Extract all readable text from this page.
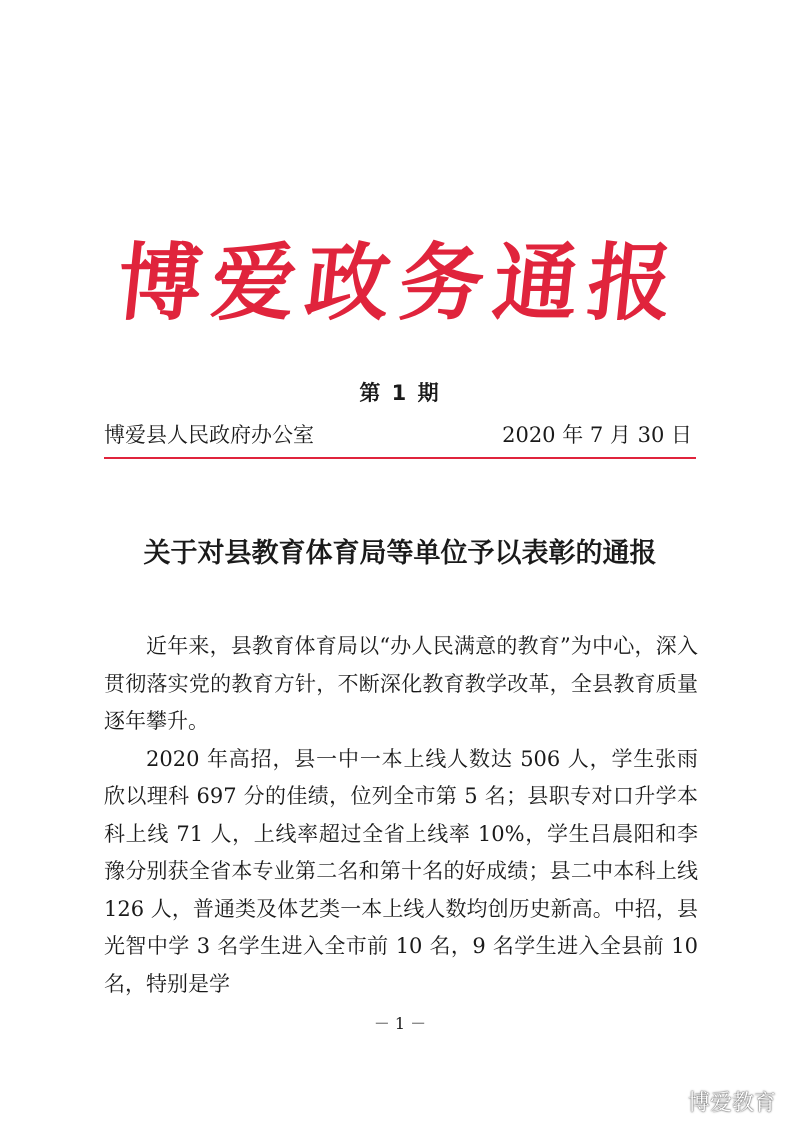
博爱政务通报
第 1 期
博爱县人民政府办公室	2020 年 7 月 30 日
关于对县教育体育局等单位予以表彰的通报

近年来，县教育体育局以“办人民满意的教育”为中心，深入贯彻落实党的教育方针，不断深化教育教学改革，全县教育质量逐年攀升。

2020 年高招，县一中一本上线人数达 506 人，学生张雨欣以理科 697 分的佳绩，位列全市第 5 名；县职专对口升学本科上线 71 人，上线率超过全省上线率 10%，学生吕晨阳和李豫分别获全省本专业第二名和第十名的好成绩；县二中本科上线 126 人，普通类及体艺类一本上线人数均创历史新高。中招，县光智中学 3 名学生进入全市前 10 名，9 名学生进入全县前 10 名，特别是学

－ 1 －
博爱教育
